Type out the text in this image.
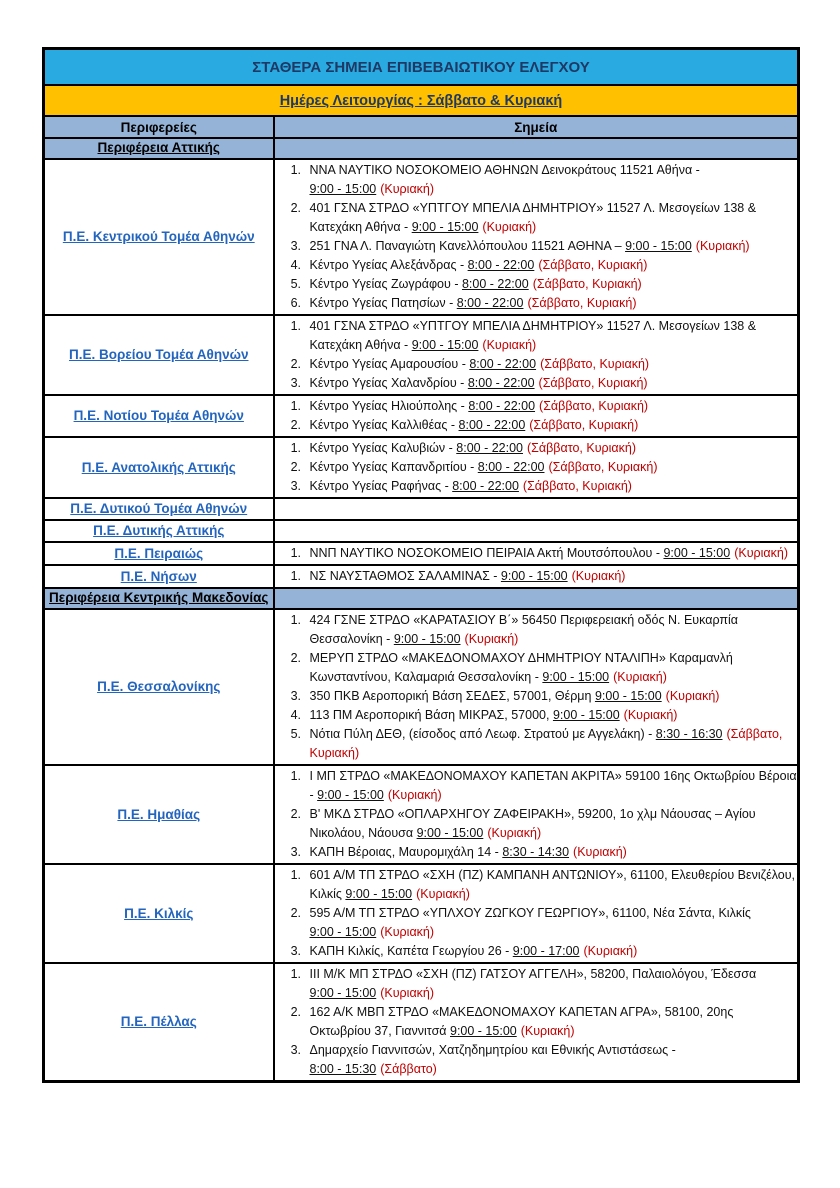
ΣΤΑΘΕΡΑ ΣΗΜΕΙΑ ΕΠΙΒΕΒΑΙΩΤΙΚΟΥ ΕΛΕΓΧΟΥ	
Ημέρες Λειτουργίας : Σάββατο & Κυριακή	
Περιφερείες	Σημεία
Περιφέρεια Αττικής	
Π.Ε. Κεντρικού Τομέα Αθηνών	
1. ΝΝΑ ΝΑΥΤΙΚΟ ΝΟΣΟΚΟΜΕΙΟ ΑΘΗΝΩΝ Δεινοκράτους 11521 Αθήνα - 9:00 - 15:00 (Κυριακή)
2. 401 ΓΣΝΑ ΣΤΡΔΟ «ΥΠΤΓΟΥ ΜΠΕΛΙΑ ΔΗΜΗΤΡΙΟΥ» 11527 Λ. Μεσογείων 138 & Κατεχάκη Αθήνα - 9:00 - 15:00 (Κυριακή)
3. 251 ΓΝΑ Λ. Παναγιώτη Κανελλόπουλου 11521 ΑΘΗΝΑ – 9:00 - 15:00 (Κυριακή)
4. Κέντρο Υγείας Αλεξάνδρας - 8:00 - 22:00 (Σάββατο, Κυριακή)
5. Κέντρο Υγείας Ζωγράφου - 8:00 - 22:00 (Σάββατο, Κυριακή)
6. Κέντρο Υγείας Πατησίων - 8:00 - 22:00 (Σάββατο, Κυριακή)

Π.Ε. Βορείου Τομέα Αθηνών	
1. 401 ΓΣΝΑ ΣΤΡΔΟ «ΥΠΤΓΟΥ ΜΠΕΛΙΑ ΔΗΜΗΤΡΙΟΥ» 11527 Λ. Μεσογείων 138 & Κατεχάκη Αθήνα - 9:00 - 15:00 (Κυριακή)
2. Κέντρο Υγείας Αμαρουσίου - 8:00 - 22:00 (Σάββατο, Κυριακή)
3. Κέντρο Υγείας Χαλανδρίου - 8:00 - 22:00 (Σάββατο, Κυριακή)

Π.Ε. Νοτίου Τομέα Αθηνών	
1. Κέντρο Υγείας Ηλιούπολης - 8:00 - 22:00 (Σάββατο, Κυριακή)
2. Κέντρο Υγείας Καλλιθέας - 8:00 - 22:00 (Σάββατο, Κυριακή)

Π.Ε. Ανατολικής Αττικής	
1. Κέντρο Υγείας Καλυβιών - 8:00 - 22:00 (Σάββατο, Κυριακή)
2. Κέντρο Υγείας Καπανδριτίου - 8:00 - 22:00 (Σάββατο, Κυριακή)
3. Κέντρο Υγείας Ραφήνας - 8:00 - 22:00 (Σάββατο, Κυριακή)

Π.Ε. Δυτικού Τομέα Αθηνών	
Π.Ε. Δυτικής Αττικής	
Π.Ε. Πειραιώς	
1.ΝΝΠ ΝΑΥΤΙΚΟ ΝΟΣΟΚΟΜΕΙΟ ΠΕΙΡΑΙΑ Ακτή Μουτσόπουλου - 9:00 - 15:00 (Κυριακή)

Π.Ε. Νήσων	
1.ΝΣ ΝΑΥΣΤΑΘΜΟΣ ΣΑΛΑΜΙΝΑΣ - 9:00 - 15:00 (Κυριακή)

Περιφέρεια Κεντρικής Μακεδονίας	
Π.Ε. Θεσσαλονίκης	
1. 424 ΓΣΝΕ ΣΤΡΔΟ «ΚΑΡΑΤΑΣΙΟΥ Β΄» 56450 Περιφερειακή οδός Ν. Ευκαρπία Θεσσαλονίκη - 9:00 - 15:00 (Κυριακή)
2. ΜΕΡΥΠ ΣΤΡΔΟ «ΜΑΚΕΔΟΝΟΜΑΧΟΥ ΔΗΜΗΤΡΙΟΥ ΝΤΑΛΙΠΗ» Καραμανλή Κωνσταντίνου, Καλαμαριά Θεσσαλονίκη - 9:00 - 15:00 (Κυριακή)
3. 350 ΠΚΒ Αεροπορική Βάση ΣΕΔΕΣ, 57001, Θέρμη 9:00 - 15:00 (Κυριακή)
4. 113 ΠΜ Αεροπορική Βάση ΜΙΚΡΑΣ, 57000, 9:00 - 15:00 (Κυριακή)
5. Νότια Πύλη ΔΕΘ, (είσοδος από Λεωφ. Στρατού με Αγγελάκη) - 8:30 - 16:30 (Σάββατο, Κυριακή)

Π.Ε. Ημαθίας	
1. Ι ΜΠ ΣΤΡΔΟ «ΜΑΚΕΔΟΝΟΜΑΧΟΥ ΚΑΠΕΤΑΝ ΑΚΡΙΤΑ» 59100 16ης Οκτωβρίου Βέροια - 9:00 - 15:00 (Κυριακή)
2. Β' ΜΚΔ ΣΤΡΔΟ «ΟΠΛΑΡΧΗΓΟΥ ΖΑΦΕΙΡΑΚΗ», 59200, 1ο χλμ Νάουσας – Αγίου Νικολάου, Νάουσα 9:00 - 15:00 (Κυριακή)
3. ΚΑΠΗ Βέροιας, Μαυρομιχάλη 14 - 8:30 - 14:30 (Κυριακή)

Π.Ε. Κιλκίς	
1. 601 Α/Μ ΤΠ ΣΤΡΔΟ «ΣΧΗ (ΠΖ) ΚΑΜΠΑΝΗ ΑΝΤΩΝΙΟΥ», 61100, Ελευθερίου Βενιζέλου, Κιλκίς 9:00 - 15:00 (Κυριακή)
2. 595 Α/Μ ΤΠ ΣΤΡΔΟ «ΥΠΛΧΟΥ ΖΩΓΚΟΥ ΓΕΩΡΓΙΟΥ», 61100, Νέα Σάντα, Κιλκίς 9:00 - 15:00 (Κυριακή)
3. ΚΑΠΗ Κιλκίς, Καπέτα Γεωργίου 26 - 9:00 - 17:00 (Κυριακή)

Π.Ε. Πέλλας	
1. ΙΙΙ Μ/Κ ΜΠ ΣΤΡΔΟ «ΣΧΗ (ΠΖ) ΓΑΤΣΟΥ ΑΓΓΕΛΗ», 58200, Παλαιολόγου, Έδεσσα 9:00 - 15:00 (Κυριακή)
2. 162 Α/Κ ΜΒΠ ΣΤΡΔΟ «ΜΑΚΕΔΟΝΟΜΑΧΟΥ ΚΑΠΕΤΑΝ ΑΓΡΑ», 58100, 20ης Οκτωβρίου 37, Γιαννιτσά 9:00 - 15:00 (Κυριακή)
3. Δημαρχείο Γιαννιτσών, Χατζηδημητρίου και Εθνικής Αντιστάσεως - 8:00 - 15:30 (Σάββατο)
